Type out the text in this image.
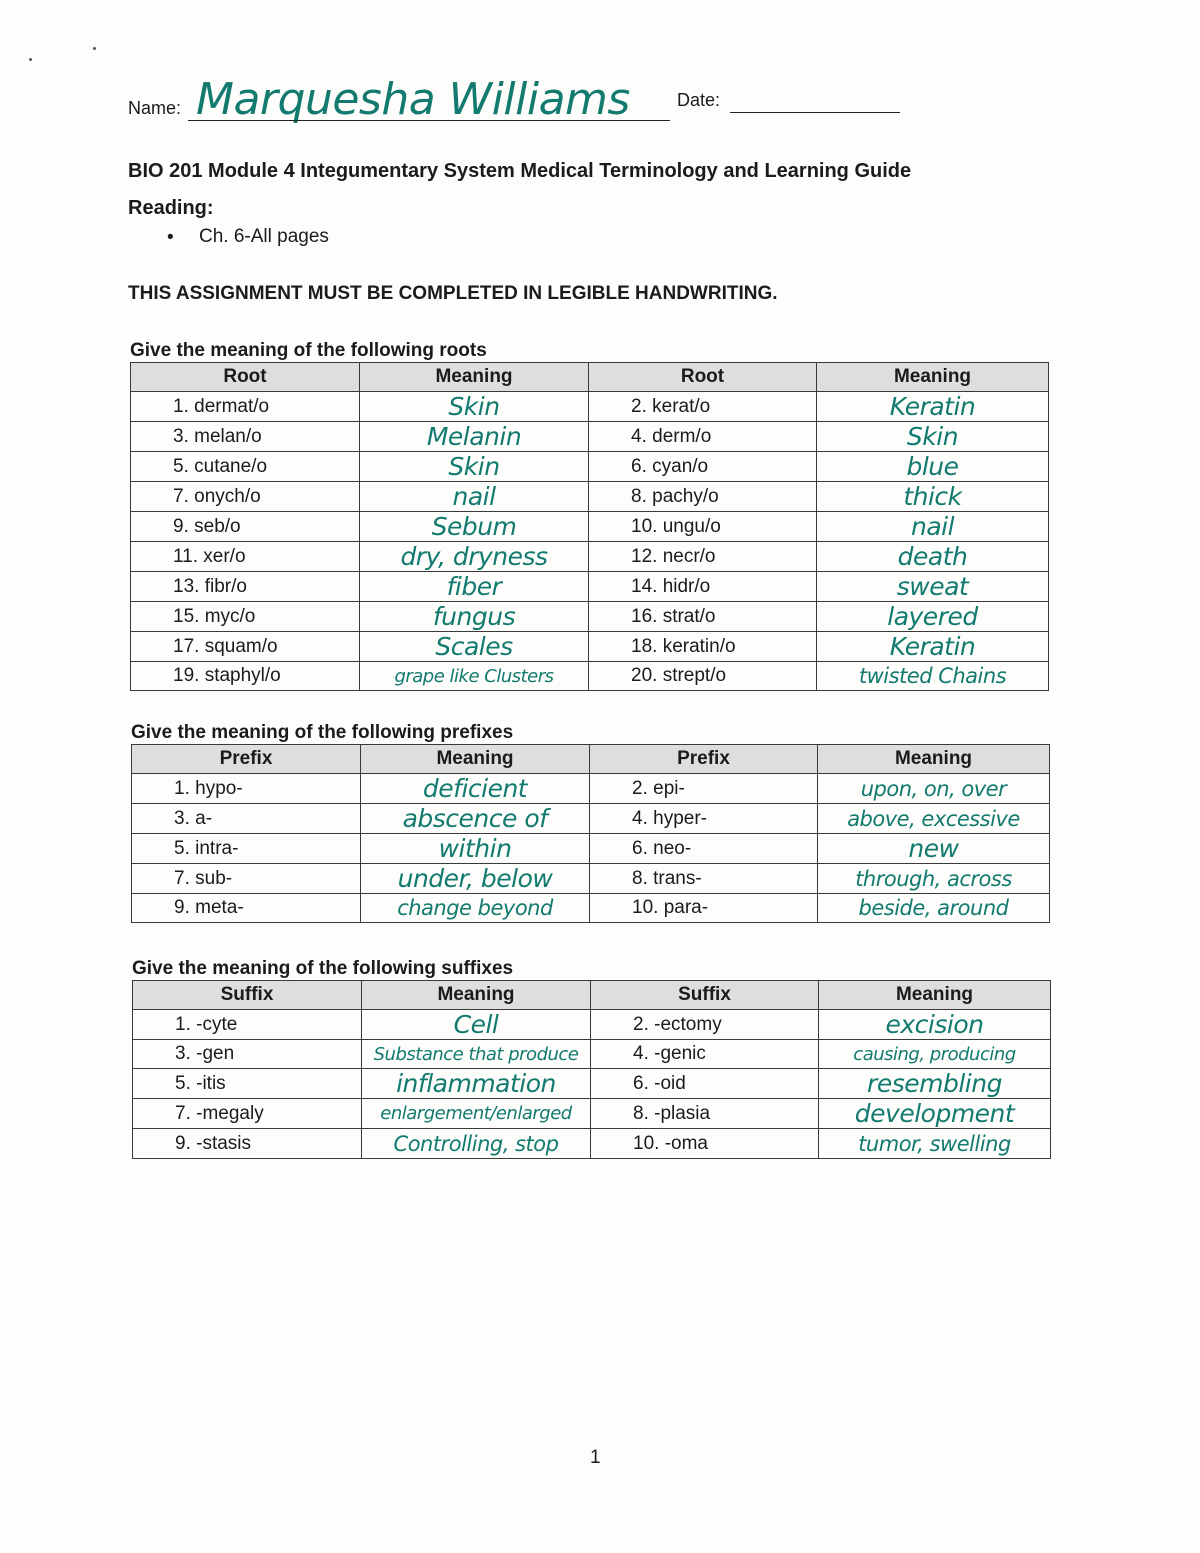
Name: Marquesha Williams	Date:
BIO 201 Module 4 Integumentary System Medical Terminology and Learning Guide
Reading:
• Ch. 6-All pages
THIS ASSIGNMENT MUST BE COMPLETED IN LEGIBLE HANDWRITING.
Give the meaning of the following roots
Root	Meaning	Root	Meaning
1. dermat/o	Skin	2. kerat/o	Keratin
3. melan/o	Melanin	4. derm/o	Skin
5. cutane/o	Skin	6. cyan/o	blue
7. onych/o	nail	8. pachy/o	thick
9. seb/o	Sebum	10. ungu/o	nail
11. xer/o	dry, dryness	12. necr/o	death
13. fibr/o	fiber	14. hidr/o	sweat
15. myc/o	fungus	16. strat/o	layered
17. squam/o	Scales	18. keratin/o	Keratin
19. staphyl/o	grape like Clusters	20. strept/o	twisted Chains
Give the meaning of the following prefixes
Prefix	Meaning	Prefix	Meaning
1. hypo-	deficient	2. epi-	upon, on, over
3. a-	abscence of	4. hyper-	above, excessive
5. intra-	within	6. neo-	new
7. sub-	under, below	8. trans-	through, across
9. meta-	change beyond	10. para-	beside, around
Give the meaning of the following suffixes
Suffix	Meaning	Suffix	Meaning
1. -cyte	Cell	2. -ectomy	excision
3. -gen	Substance that produce	4. -genic	causing, producing
5. -itis	inflammation	6. -oid	resembling
7. -megaly	enlargement/enlarged	8. -plasia	development
9. -stasis	Controlling, stop	10. -oma	tumor, swelling
1
